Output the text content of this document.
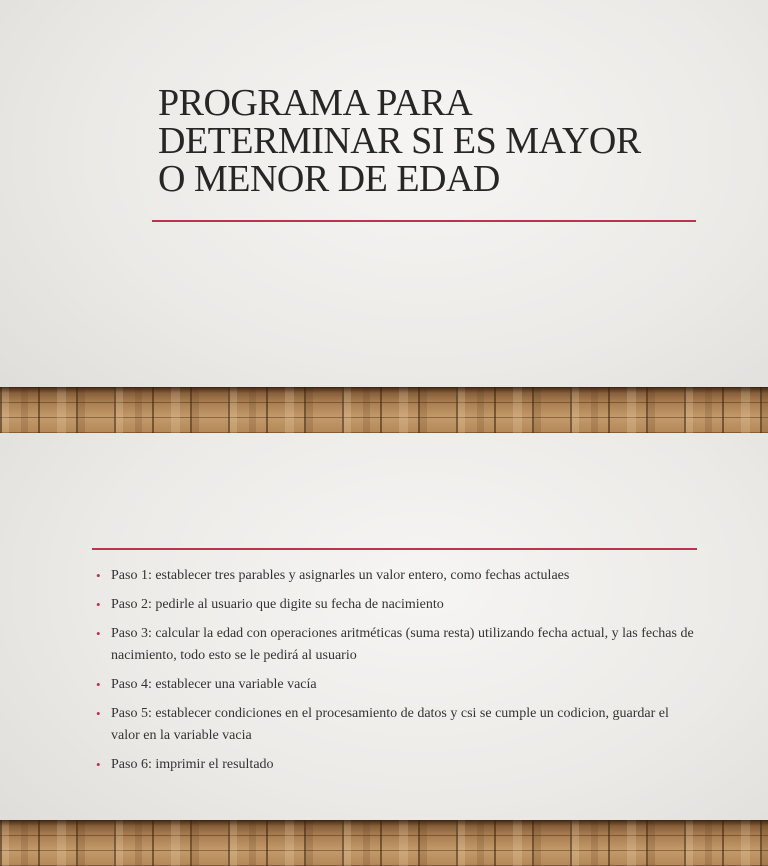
PROGRAMA PARA
DETERMINAR SI ES MAYOR
O MENOR DE EDAD
• Paso 1: establecer tres parables y asignarles un valor entero, como fechas actulaes
• Paso 2: pedirle al usuario que digite su fecha de nacimiento
• Paso 3: calcular la edad con operaciones aritméticas (suma resta) utilizando fecha actual, y las fechas de nacimiento, todo esto se le pedirá al usuario
• Paso 4: establecer una variable vacía
• Paso 5: establecer condiciones en el procesamiento de datos y csi se cumple un codicion, guardar el valor en la variable vacia
• Paso 6: imprimir el resultado
